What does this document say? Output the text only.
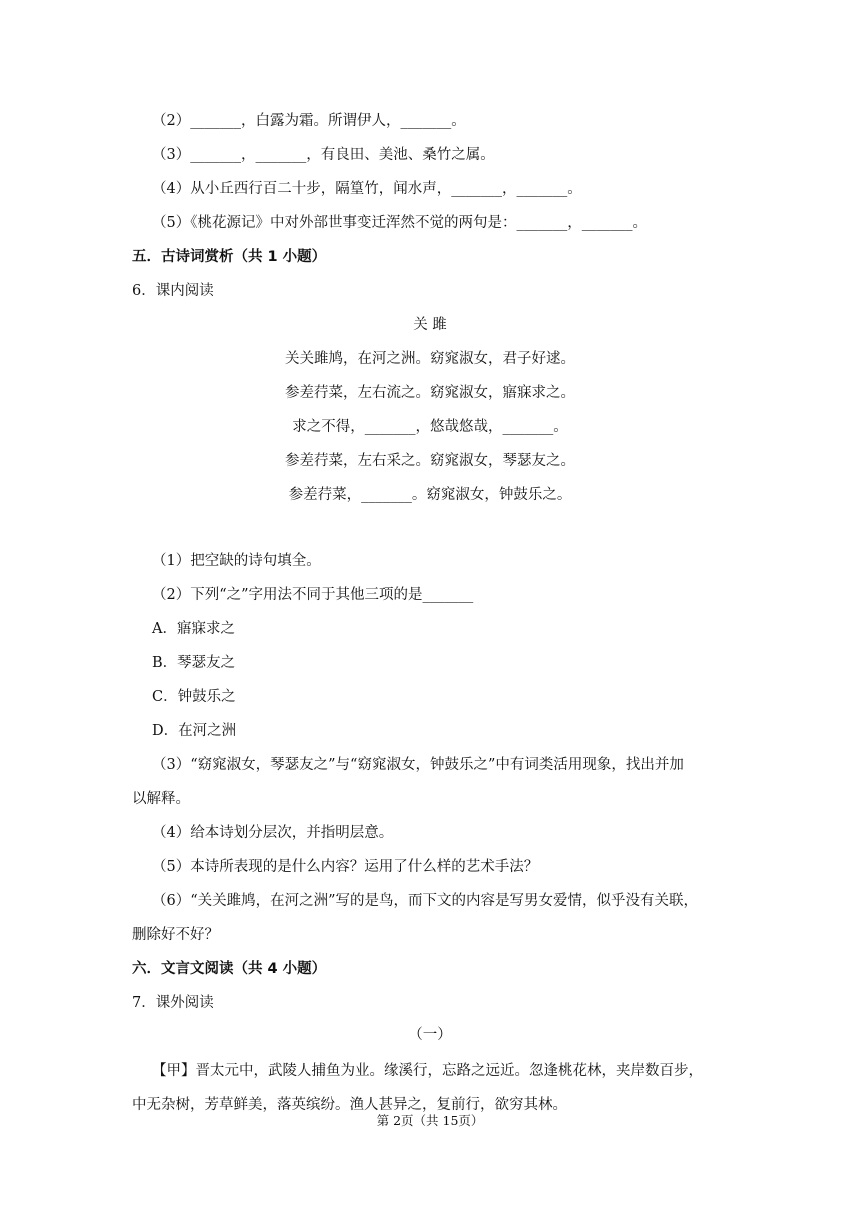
（2）_______，白露为霜。所谓伊人，_______。
（3）_______，_______，有良田、美池、桑竹之属。
（4）从小丘西行百二十步，隔篁竹，闻水声，_______，_______。
（5）《桃花源记》中对外部世事变迁浑然不觉的两句是：_______，_______。
五．古诗词赏析（共 1 小题）
6．课内阅读
关 雎
关关雎鸠，在河之洲。窈窕淑女，君子好逑。
参差荇菜，左右流之。窈窕淑女，寤寐求之。
求之不得，_______，悠哉悠哉，_______。
参差荇菜，左右采之。窈窕淑女，琴瑟友之。
参差荇菜，_______。窈窕淑女，钟鼓乐之。
（1）把空缺的诗句填全。
（2）下列“之”字用法不同于其他三项的是_______
A．寤寐求之
B．琴瑟友之
C．钟鼓乐之
D．在河之洲
（3）“窈窕淑女，琴瑟友之”与“窈窕淑女，钟鼓乐之”中有词类活用现象，找出并加
以解释。
（4）给本诗划分层次，并指明层意。
（5）本诗所表现的是什么内容？运用了什么样的艺术手法？
（6）“关关雎鸠，在河之洲”写的是鸟，而下文的内容是写男女爱情，似乎没有关联，
删除好不好？
六．文言文阅读（共 4 小题）
7．课外阅读
（一）
【甲】晋太元中，武陵人捕鱼为业。缘溪行，忘路之远近。忽逢桃花林，夹岸数百步，
中无杂树，芳草鲜美，落英缤纷。渔人甚异之，复前行，欲穷其林。
第 2页（共 15页）
